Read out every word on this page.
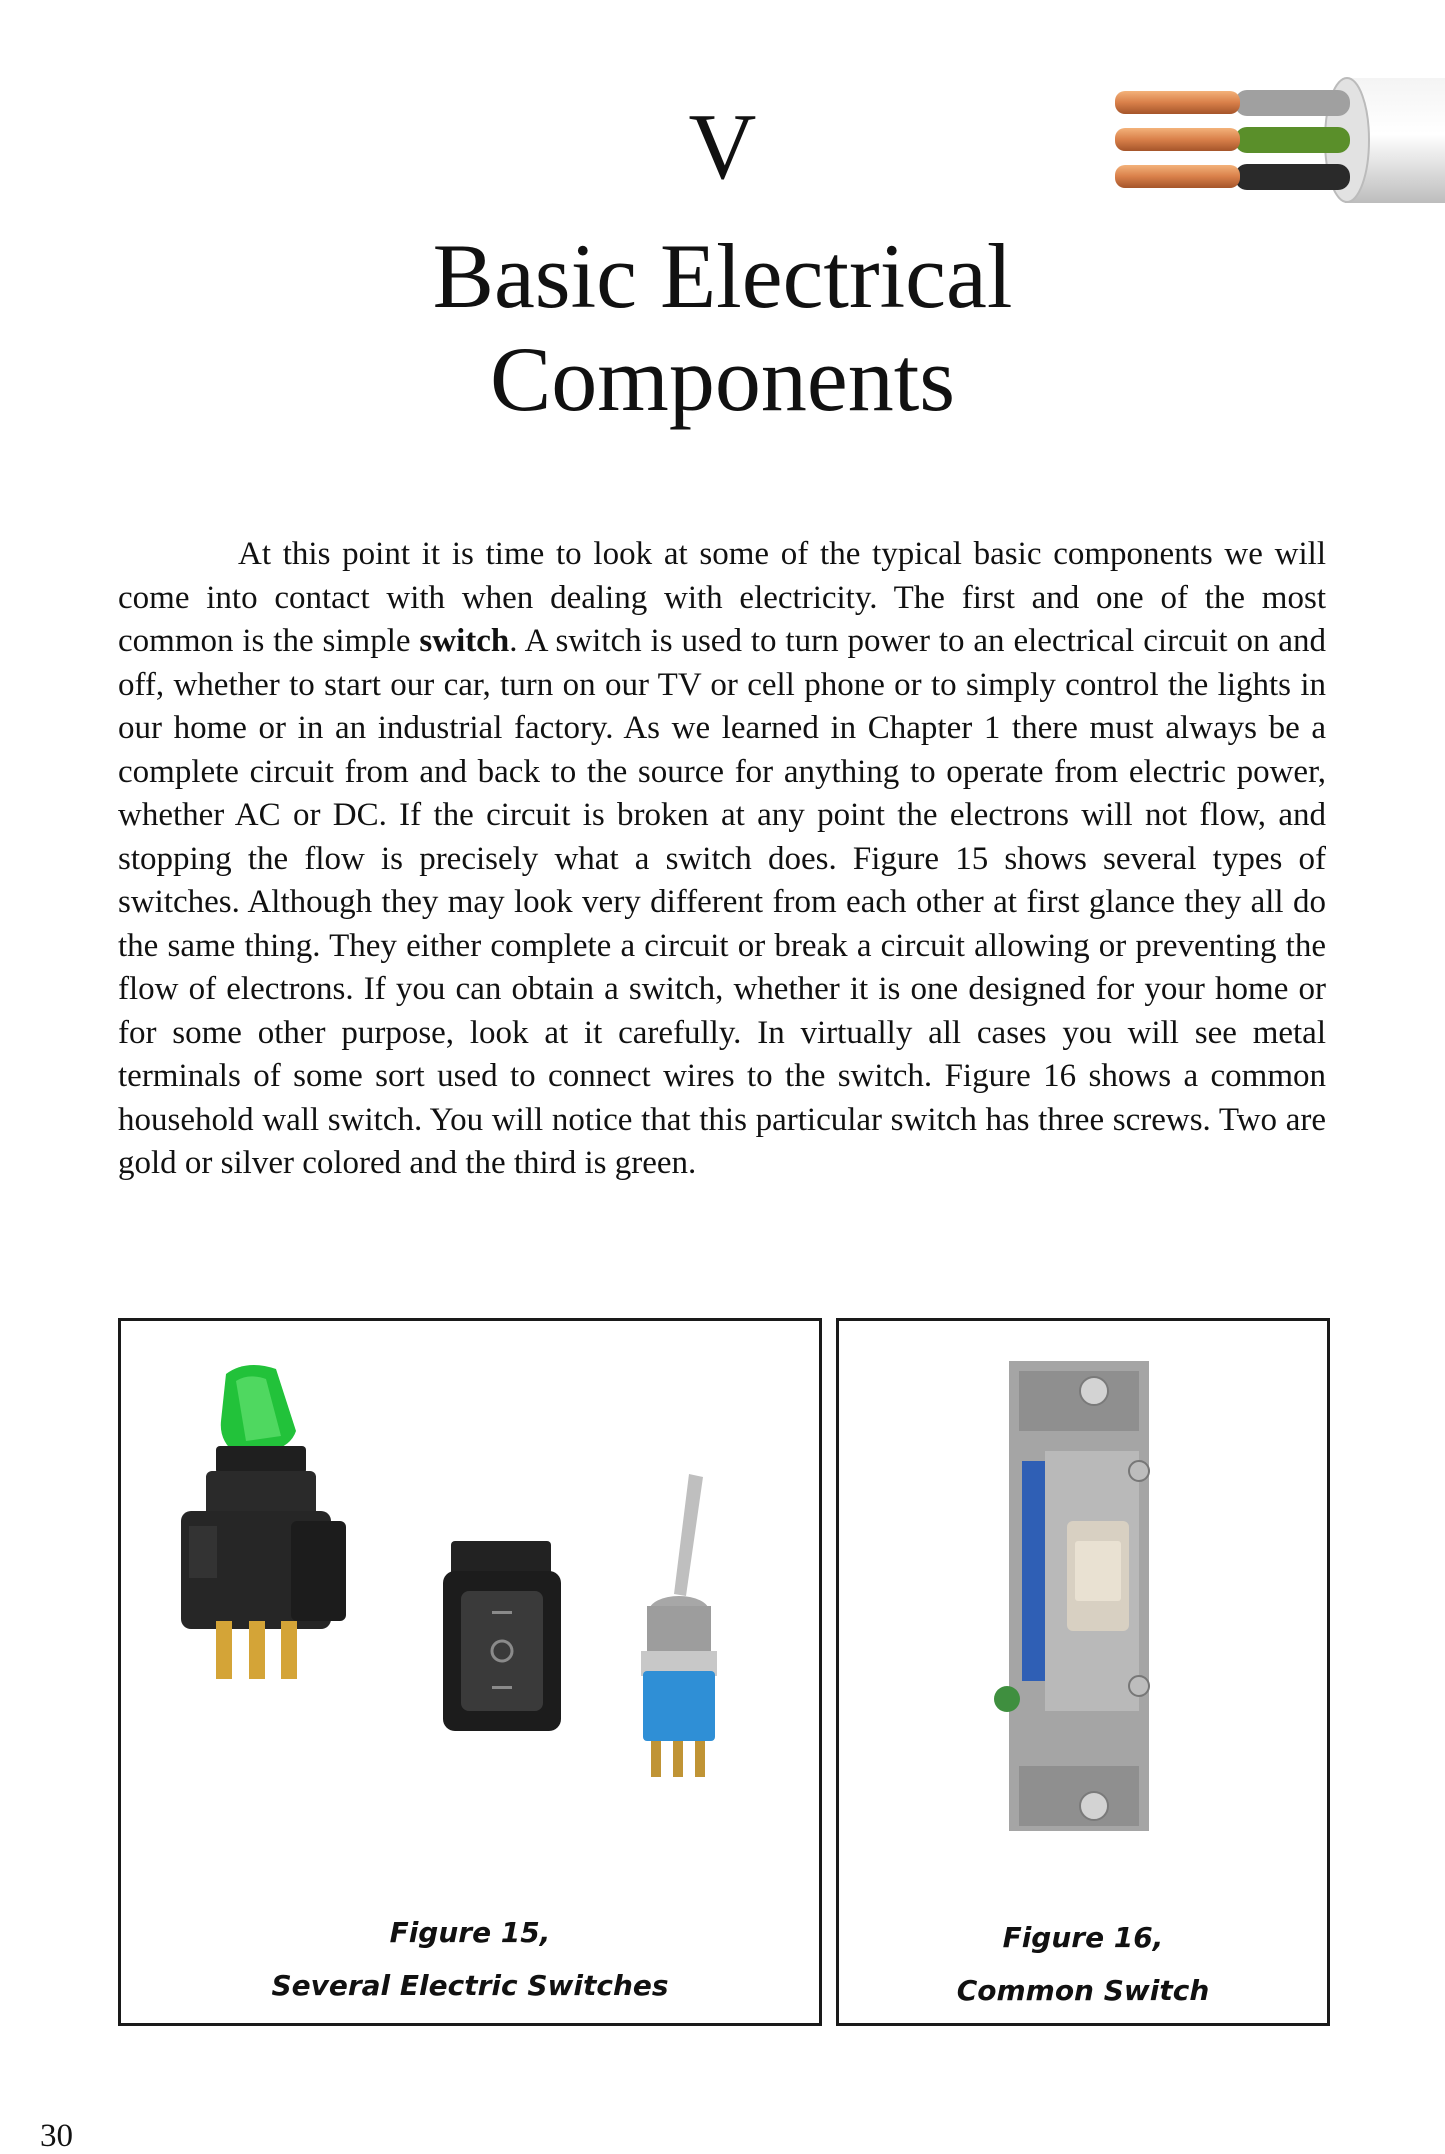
V
Basic Electrical
Components
At this point it is time to look at some of the typical basic components we will come into contact with when dealing with electricity. The first and one of the most common is the simple switch. A switch is used to turn power to an electrical circuit on and off, whether to start our car, turn on our TV or cell phone or to simply control the lights in our home or in an industrial factory. As we learned in Chapter 1 there must always be a complete circuit from and back to the source for anything to operate from electric power, whether AC or DC. If the circuit is broken at any point the electrons will not flow, and stopping the flow is precisely what a switch does. Figure 15 shows several types of switches. Although they may look very different from each other at first glance they all do the same thing. They either complete a circuit or break a circuit allowing or preventing the flow of electrons. If you can obtain a switch, whether it is one designed for your home or for some other purpose, look at it carefully. In virtually all cases you will see metal terminals of some sort used to connect wires to the switch. Figure 16 shows a common household wall switch. You will notice that this particular switch has three screws. Two are gold or silver colored and the third is green.
Figure 15,
Several Electric Switches
Figure 16,
Common Switch
30
